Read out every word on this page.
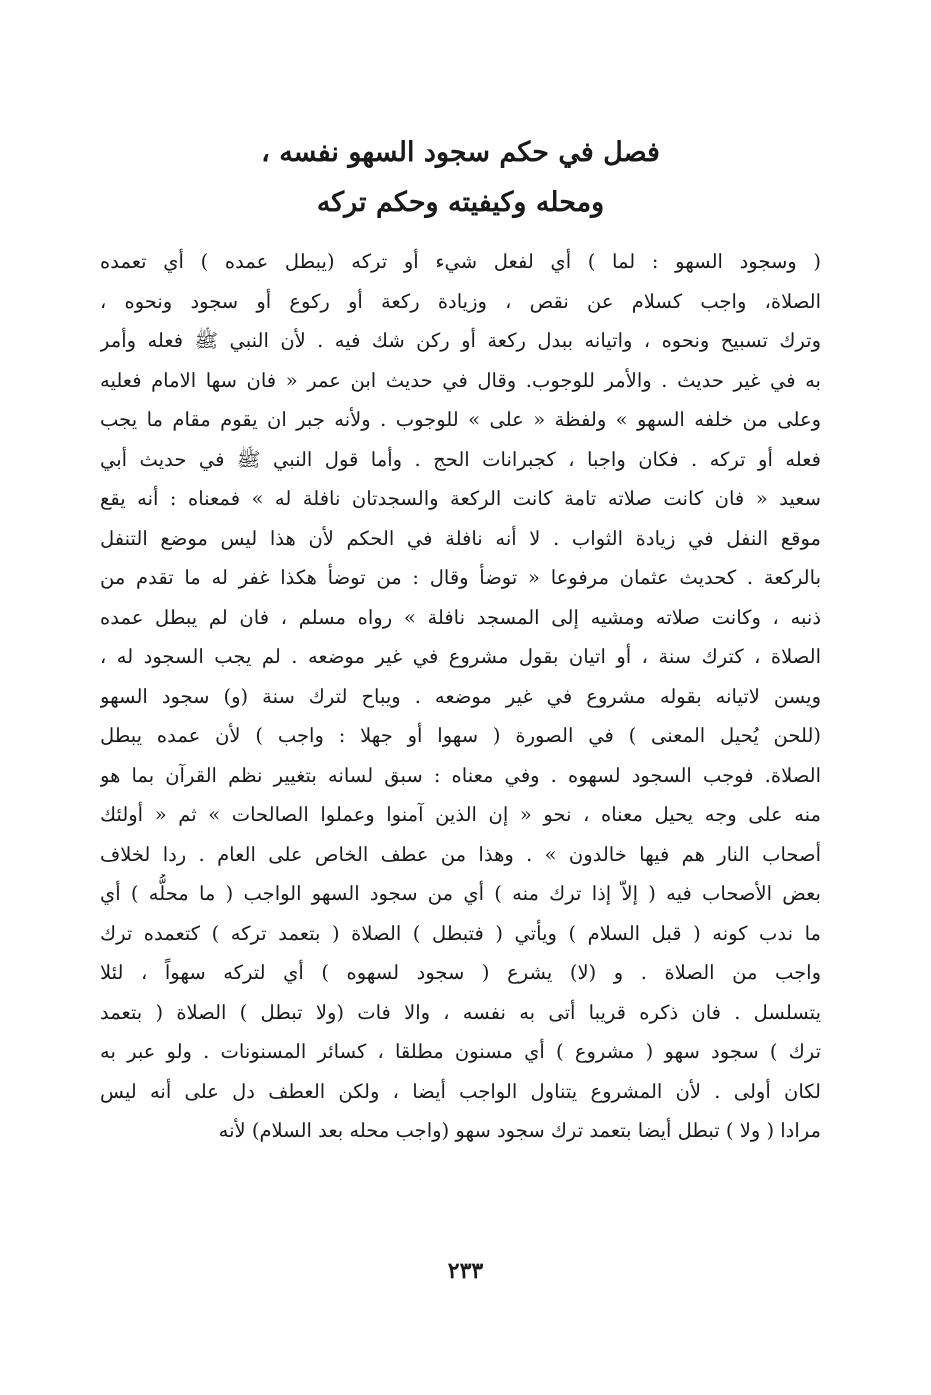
فصل في حكم سجود السهو نفسه ،
ومحله وكيفيته وحكم تركه
( وسجود السهو : لما ) أي لفعل شيء أو تركه (يبطل عمده ) أي تعمده
الصلاة، واجب كسلام عن نقص ، وزيادة ركعة أو ركوع أو سجود ونحوه ،
وترك تسبيح ونحوه ، واتيانه ببدل ركعة أو ركن شك فيه . لأن النبي ﷺ فعله وأمر
به في غير حديث . والأمر للوجوب. وقال في حديث ابن عمر « فان سها الامام فعليه
وعلى من خلفه السهو » ولفظة « على » للوجوب . ولأنه جبر ان يقوم مقام ما يجب
فعله أو تركه . فكان واجبا ، كجبرانات الحج . وأما قول النبي ﷺ في حديث أبي
سعيد « فان كانت صلاته تامة كانت الركعة والسجدتان نافلة له » فمعناه : أنه يقع
موقع النفل في زيادة الثواب . لا أنه نافلة في الحكم لأن هذا ليس موضع التنفل
بالركعة . كحديث عثمان مرفوعا « توضأ وقال : من توضأ هكذا غفر له ما تقدم من
ذنبه ، وكانت صلاته ومشيه إلى المسجد نافلة » رواه مسلم ، فان لم يبطل عمده
الصلاة ، كترك سنة ، أو اتيان بقول مشروع في غير موضعه . لم يجب السجود له ،
ويسن لاتيانه بقوله مشروع في غير موضعه . ويباح لترك سنة (و) سجود السهو
(للحن يُحيل المعنى ) في الصورة ( سهوا أو جهلا : واجب ) لأن عمده يبطل
الصلاة. فوجب السجود لسهوه . وفي معناه : سبق لسانه بتغيير نظم القرآن بما هو
منه على وجه يحيل معناه ، نحو « إن الذين آمنوا وعملوا الصالحات » ثم « أولئك
أصحاب النار هم فيها خالدون » . وهذا من عطف الخاص على العام . ردا لخلاف
بعض الأصحاب فيه ( إلاّ إذا ترك منه ) أي من سجود السهو الواجب ( ما محلُّه ) أي
ما ندب كونه ( قبل السلام ) ويأتي ( فتبطل ) الصلاة ( بتعمد تركه ) كتعمده ترك
واجب من الصلاة . و (لا) يشرع ( سجود لسهوه ) أي لتركه سهواً ، لئلا
يتسلسل . فان ذكره قريبا أتى به نفسه ، والا فات (ولا تبطل ) الصلاة ( بتعمد
ترك ) سجود سهو ( مشروع ) أي مسنون مطلقا ، كسائر المسنونات . ولو عبر به
لكان أولى . لأن المشروع يتناول الواجب أيضا ، ولكن العطف دل على أنه ليس
مرادا ( ولا ) تبطل أيضا بتعمد ترك سجود سهو (واجب محله بعد السلام) لأنه
٢٣٣
